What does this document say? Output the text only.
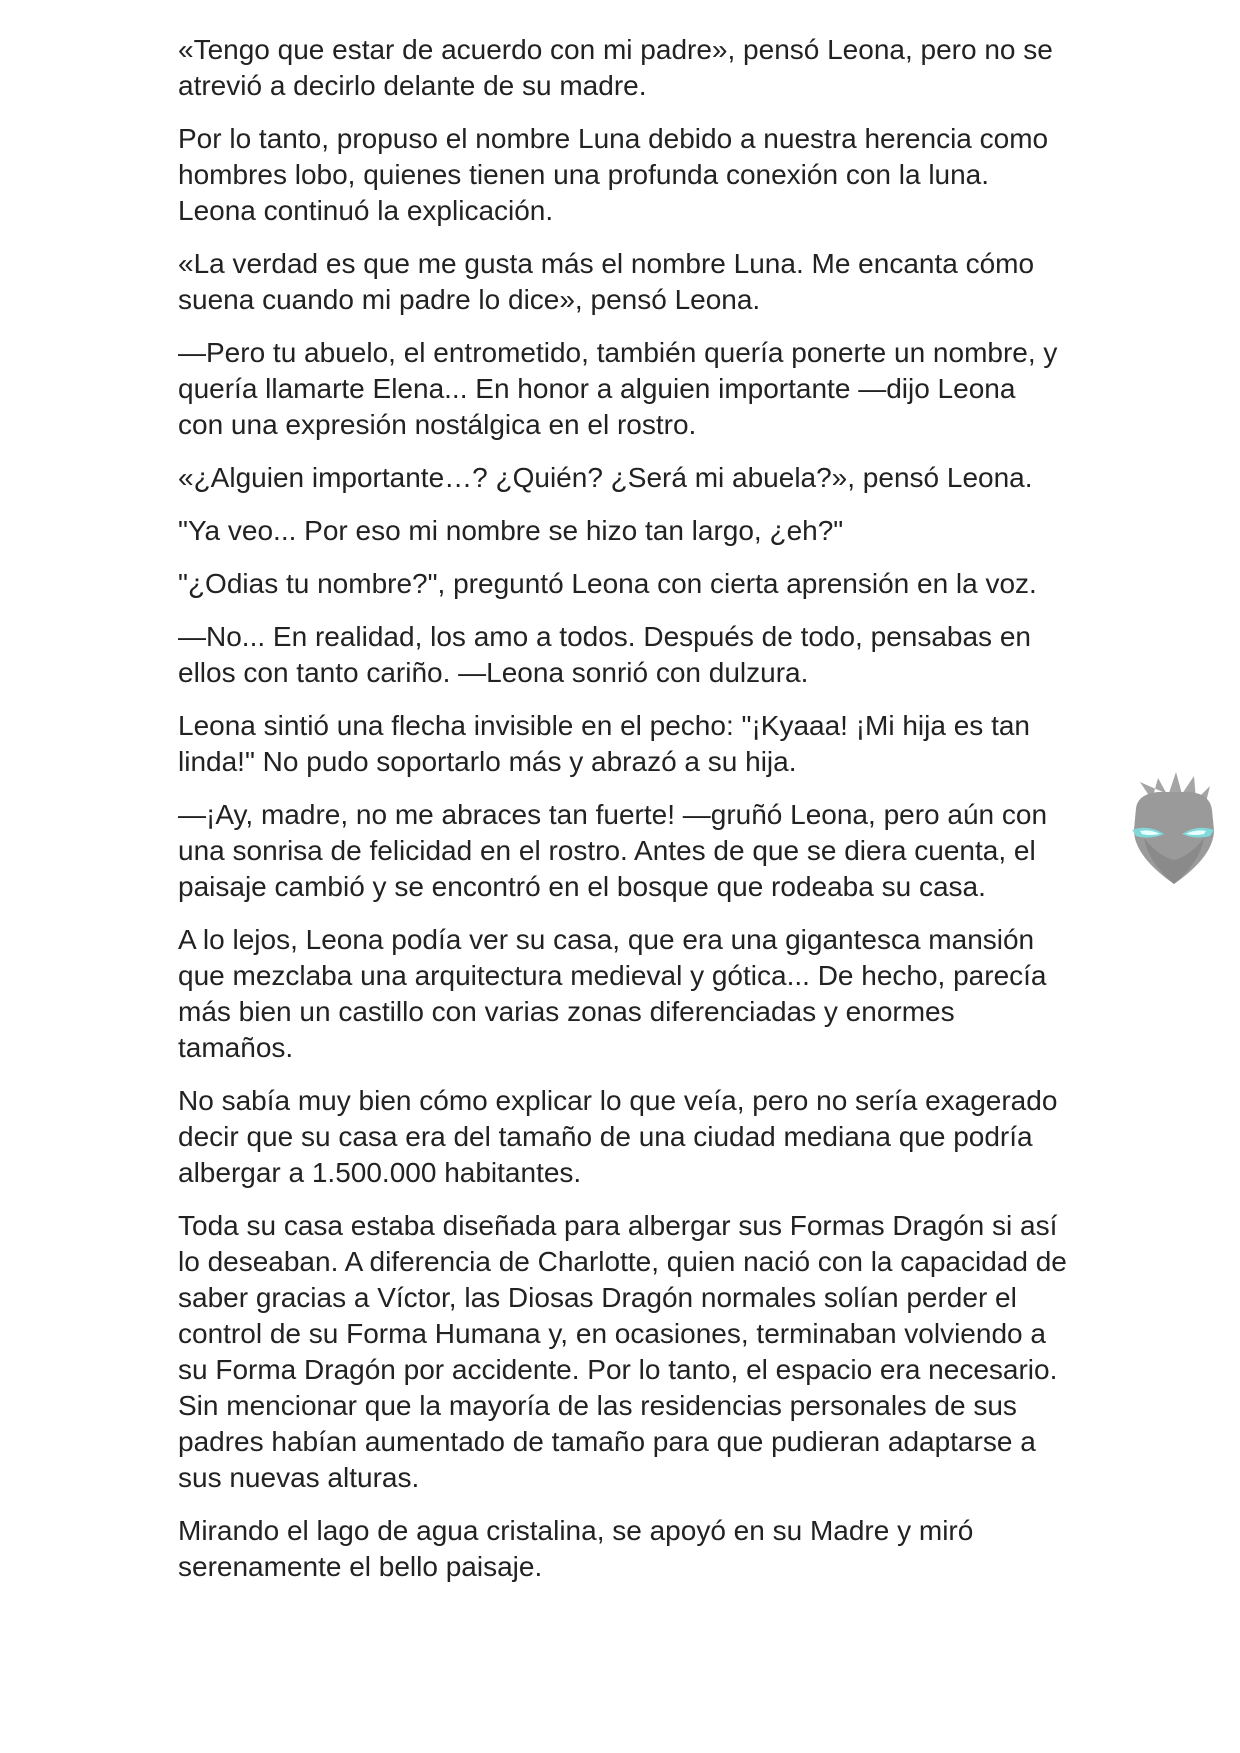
«Tengo que estar de acuerdo con mi padre», pensó Leona, pero no se atrevió a decirlo delante de su madre.

Por lo tanto, propuso el nombre Luna debido a nuestra herencia como hombres lobo, quienes tienen una profunda conexión con la luna. Leona continuó la explicación.

«La verdad es que me gusta más el nombre Luna. Me encanta cómo suena cuando mi padre lo dice», pensó Leona.

—Pero tu abuelo, el entrometido, también quería ponerte un nombre, y quería llamarte Elena... En honor a alguien importante —dijo Leona con una expresión nostálgica en el rostro.

«¿Alguien importante…? ¿Quién? ¿Será mi abuela?», pensó Leona.

"Ya veo... Por eso mi nombre se hizo tan largo, ¿eh?"

"¿Odias tu nombre?", preguntó Leona con cierta aprensión en la voz.

—No... En realidad, los amo a todos. Después de todo, pensabas en ellos con tanto cariño. —Leona sonrió con dulzura.

Leona sintió una flecha invisible en el pecho: "¡Kyaaa! ¡Mi hija es tan linda!" No pudo soportarlo más y abrazó a su hija.

—¡Ay, madre, no me abraces tan fuerte! —gruñó Leona, pero aún con una sonrisa de felicidad en el rostro. Antes de que se diera cuenta, el paisaje cambió y se encontró en el bosque que rodeaba su casa.

A lo lejos, Leona podía ver su casa, que era una gigantesca mansión que mezclaba una arquitectura medieval y gótica... De hecho, parecía más bien un castillo con varias zonas diferenciadas y enormes tamaños.

No sabía muy bien cómo explicar lo que veía, pero no sería exagerado decir que su casa era del tamaño de una ciudad mediana que podría albergar a 1.500.000 habitantes.

Toda su casa estaba diseñada para albergar sus Formas Dragón si así lo deseaban. A diferencia de Charlotte, quien nació con la capacidad de saber gracias a Víctor, las Diosas Dragón normales solían perder el control de su Forma Humana y, en ocasiones, terminaban volviendo a su Forma Dragón por accidente. Por lo tanto, el espacio era necesario. Sin mencionar que la mayoría de las residencias personales de sus padres habían aumentado de tamaño para que pudieran adaptarse a sus nuevas alturas.

Mirando el lago de agua cristalina, se apoyó en su Madre y miró serenamente el bello paisaje.
